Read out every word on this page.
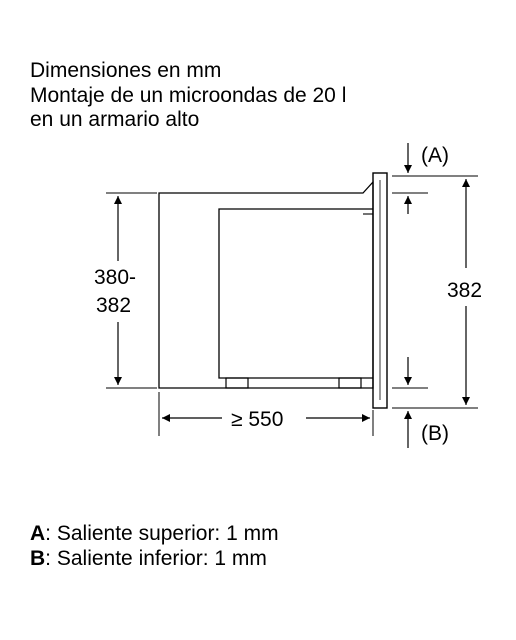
Dimensiones en mm
Montaje de un microondas de 20 l
en un armario alto
380-
382
≥ 550
(A)
(B)
382
A: Saliente superior: 1 mm
B: Saliente inferior: 1 mm
